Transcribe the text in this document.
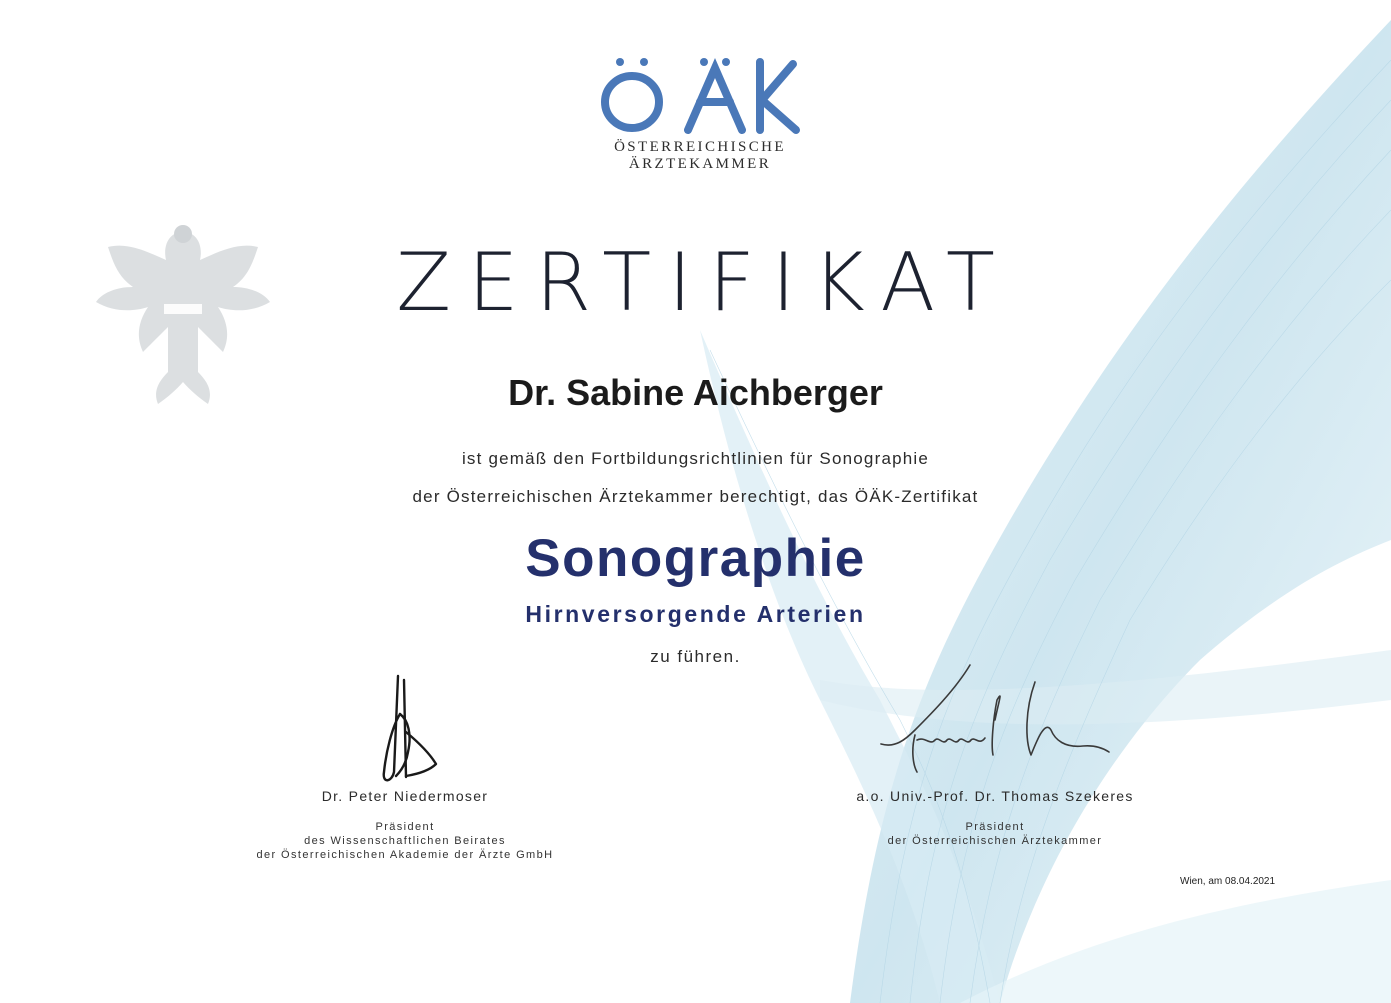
ÖSTERREICHISCHE
ÄRZTEKAMMER
ZERTIFIKAT
Dr. Sabine Aichberger
ist gemäß den Fortbildungsrichtlinien für Sonographie
der Österreichischen Ärztekammer berechtigt, das ÖÄK-Zertifikat
Sonographie
Hirnversorgende Arterien
zu führen.
Dr. Peter Niedermoser
Präsident
des Wissenschaftlichen Beirates
der Österreichischen Akademie der Ärzte GmbH
a.o. Univ.-Prof. Dr. Thomas Szekeres
Präsident
der Österreichischen Ärztekammer
Wien, am 08.04.2021
